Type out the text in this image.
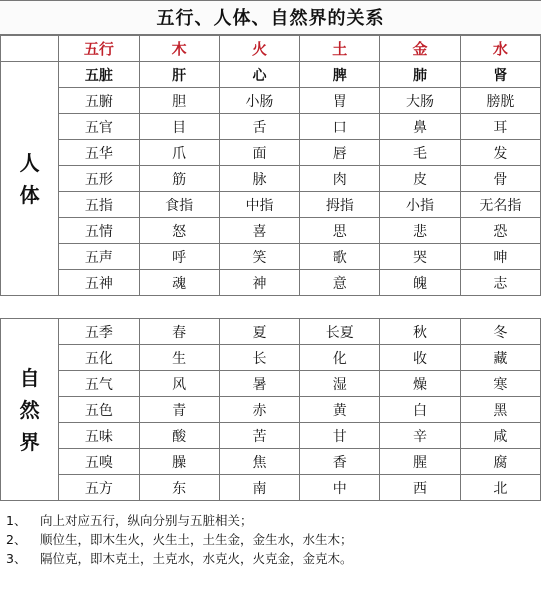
五行、人体、自然界的关系
	五行	木	火	土	金	水

人
体	五脏	肝	心	脾	肺	肾
	五腑	胆	小肠	胃	大肠	膀胱
	五官	目	舌	口	鼻	耳
	五华	爪	面	唇	毛	发
	五形	筋	脉	肉	皮	骨
	五指	食指	中指	拇指	小指	无名指
	五情	怒	喜	思	悲	恐
	五声	呼	笑	歌	哭	呻
	五神	魂	神	意	魄	志

自
然
界	五季	春	夏	长夏	秋	冬
	五化	生	长	化	收	藏
	五气	风	暑	湿	燥	寒
	五色	青	赤	黄	白	黑
	五味	酸	苦	甘	辛	咸
	五嗅	臊	焦	香	腥	腐
	五方	东	南	中	西	北
1、 向上对应五行，纵向分别与五脏相关；
2、 顺位生，即木生火，火生土，土生金，金生水，水生木；
3、 隔位克，即木克土，土克水，水克火，火克金，金克木。
